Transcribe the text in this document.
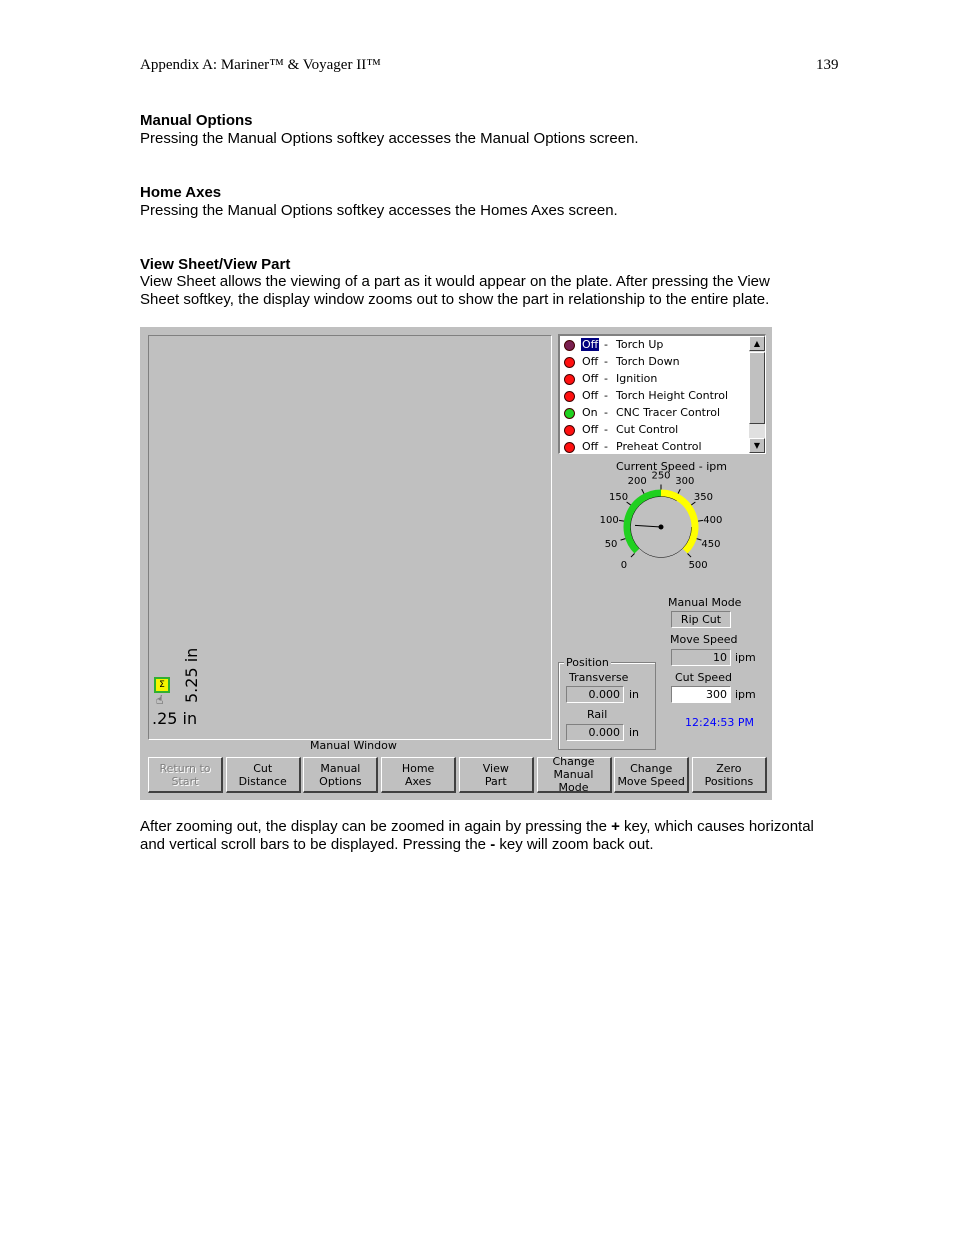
Appendix A: Mariner™ & Voyager II™	139
Manual Options
Pressing the Manual Options softkey accesses the Manual Options screen.
Home Axes
Pressing the Manual Options softkey accesses the Homes Axes screen.
View Sheet/View Part
View Sheet allows the viewing of a part as it would appear on the plate. After pressing the View Sheet softkey, the display window zooms out to show the part in relationship to the entire plate.
Σ
☝ 5.25 in
.25 in
Manual Window
Off - Torch Up
Off - Torch Down
Off - Ignition
Off - Torch Height Control
On - CNC Tracer Control
Off - Cut Control
Off - Preheat Control
▲
▼
Current Speed - ipm
0
50
100
150
200
250
300
350
400
450
500
Manual Mode
Rip Cut
Move Speed
10 ipm
Cut Speed
300 ipm
Position
Transverse
0.000 in
Rail
0.000 in
12:24:53 PM
Return to
Start
Cut
Distance
Manual
Options
Home
Axes
View
Part
Change
Manual Mode
Change
Move Speed
Zero
Positions
After zooming out, the display can be zoomed in again by pressing the + key, which causes horizontal and vertical scroll bars to be displayed. Pressing the - key will zoom back out.
